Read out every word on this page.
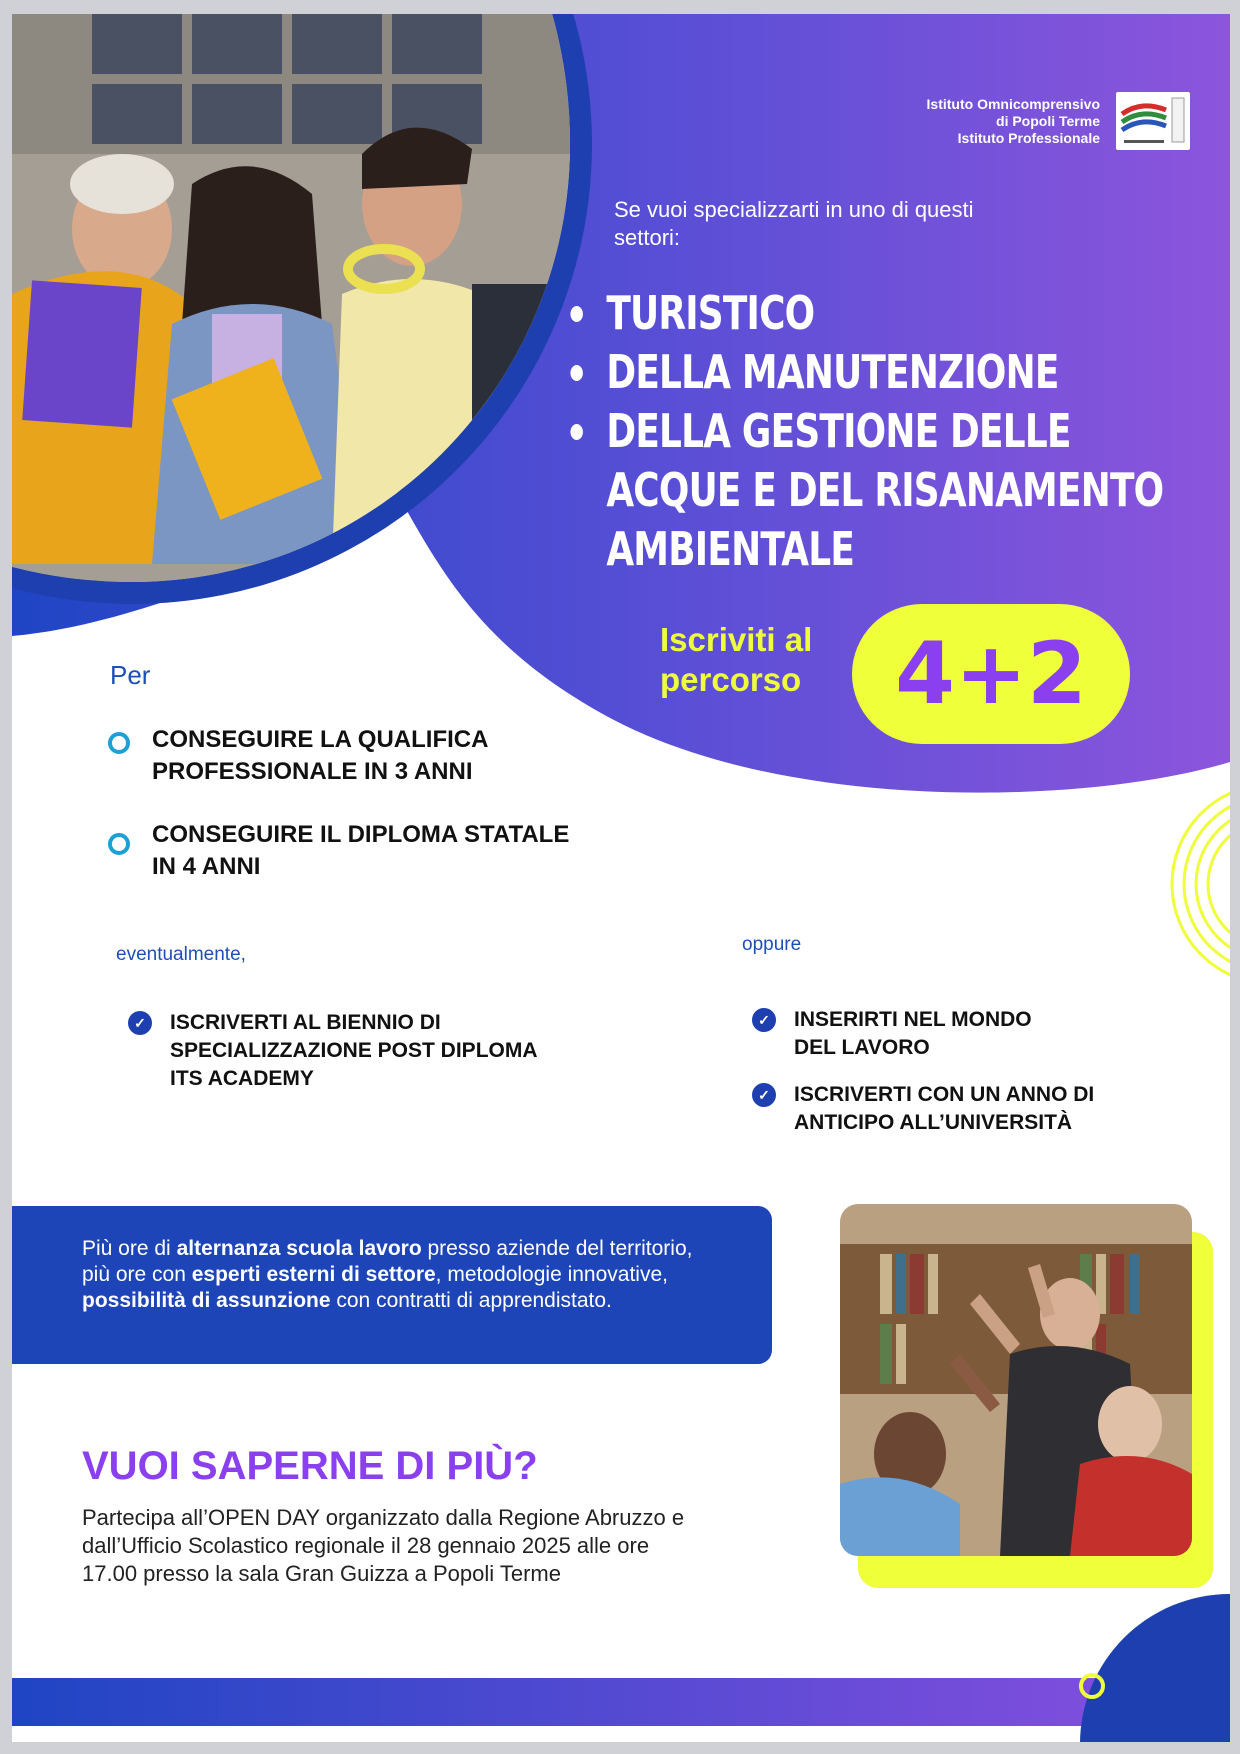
Istituto Omnicomprensivo
di Popoli Terme
Istituto Professionale
Se vuoi specializzarti in uno di questi settori:
TURISTICO
DELLA MANUTENZIONE
DELLA GESTIONE DELLE
ACQUE E DEL RISANAMENTO
AMBIENTALE
Iscriviti al
percorso	4+2
Per
CONSEGUIRE LA QUALIFICA
PROFESSIONALE IN 3 ANNI
CONSEGUIRE IL DIPLOMA STATALE
IN 4 ANNI
eventualmente,	oppure
✓ ISCRIVERTI AL BIENNIO DI
SPECIALIZZAZIONE POST DIPLOMA
ITS ACADEMY
✓ INSERIRTI NEL MONDO
DEL LAVORO
✓ ISCRIVERTI CON UN ANNO DI
ANTICIPO ALL’UNIVERSITÀ

Più ore di alternanza scuola lavoro presso aziende del territorio, più ore con esperti esterni di settore, metodologie innovative, possibilità di assunzione con contratti di apprendistato.

VUOI SAPERNE DI PIÙ?
Partecipa all’OPEN DAY organizzato dalla Regione Abruzzo e dall’Ufficio Scolastico regionale il 28 gennaio 2025 alle ore 17.00 presso la sala Gran Guizza a Popoli Terme
